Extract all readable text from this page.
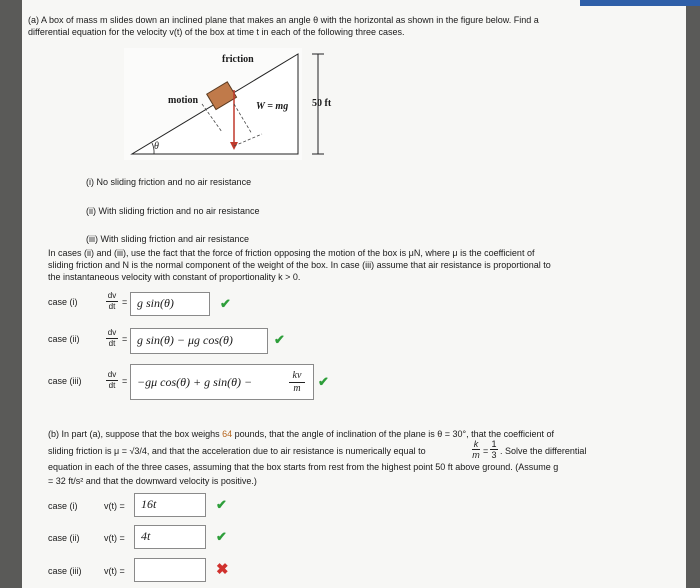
(a) A box of mass m slides down an inclined plane that makes an angle θ with the horizontal as shown in the figure below. Find a
differential equation for the velocity v(t) of the box at time t in each of the following three cases.
friction
motion
W = mg 50 ft
θ
(i) No sliding friction and no air resistance
(ii) With sliding friction and no air resistance
(iii) With sliding friction and air resistance
In cases (ii) and (iii), use the fact that the force of friction opposing the motion of the box is μN, where μ is the coefficient of
sliding friction and N is the normal component of the weight of the box. In case (iii) assume that air resistance is proportional to
the instantaneous velocity with constant of proportionality k > 0.
case (i)	$\frac{dv}{dt} = g$ sin(θ)	✔
case (ii)	$\frac{dv}{dt} = g$ sin(θ) − μg cos(θ)	✔
case (iii)	$\frac{dv}{dt} = -g\mu$ cos(θ) + g sin(θ) −	$\frac{kv}{m}$ ✔
(b) In part (a), suppose that the box weighs 64 pounds, that the angle of inclination of the plane is θ = 30°, that the coefficient of
sliding friction is μ = √3/4, and that the acceleration due to air resistance is numerically equal to	$\frac{k}{m} = \frac{1}{3}$ . Solve the differential
equation in each of the three cases, assuming that the box starts from rest from the highest point 50 ft above ground. (Assume g
= 32 ft/s² and that the downward velocity is positive.)
case (i)	v(t) = 16t	✔
case (ii)	v(t) = 4t	✔
case (iii) v(t) =	✖
